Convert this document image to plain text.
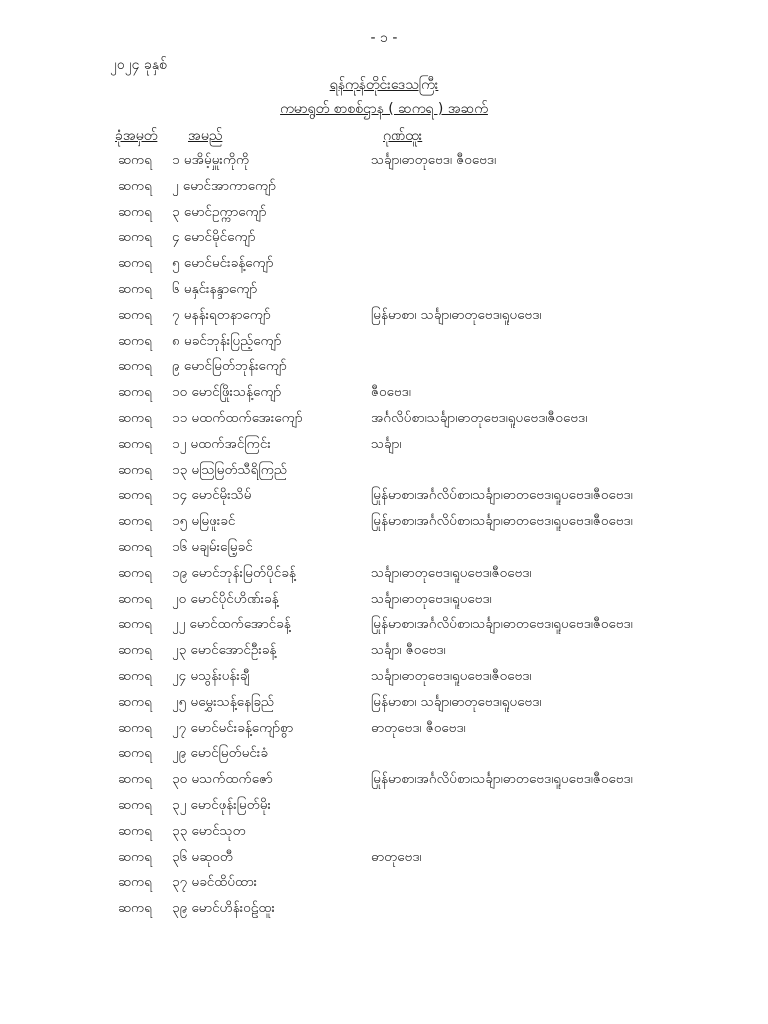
- ၁ -
၂၀၂၄ ခုနှစ်
ရန်ကုန်တိုင်းဒေသကြီး
ကမာရွတ် စာစစ်ဌာန ( ဆကရ ) အဆက်
ခုံအမှတ် အမည်	ဂုဏ်ထူး
ဆကရ ၁ မအိမ့်မှူးကိုကို	သင်္ချာ၊ဓာတုဗေဒ၊ ဇီဝဗေဒ၊
ဆကရ ၂ မောင်အာကာကျော်
ဆကရ ၃ မောင်ဥက္ကာကျော်
ဆကရ ၄ မောင်မိုင်ကျော်
ဆကရ ၅ မောင်မင်းခန့်ကျော်
ဆကရ ၆ မနှင်းနန္ဒာကျော်
ဆကရ ၇ မနန်းရတနာကျော်	မြန်မာစာ၊ သင်္ချာ၊ဓာတုဗေဒ၊ရူပဗေဒ၊
ဆကရ ၈ မခင်ဘုန်းပြည့်ကျော်
ဆကရ ၉ မောင်မြတ်ဘုန်းကျော်
ဆကရ ၁၀ မောင်ဖြိုးသန့်ကျော်	ဇီဝဗေဒ၊
ဆကရ ၁၁ မထက်ထက်အေးကျော်	အင်္ဂလိပ်စာ၊သင်္ချာ၊ဓာတုဗေဒ၊ရူပဗေဒ၊ဇီဝဗေဒ၊
ဆကရ ၁၂ မထက်အင်ကြင်း	သင်္ချာ၊
ဆကရ ၁၃ မသြမြတ်သီရိကြည်
ဆကရ ၁၄ မောင်မိုးသိမ်	မြန်မာစာ၊အင်္ဂလိပ်စာ၊သင်္ချာ၊ဓာတုဗေဒ၊ရူပဗေဒ၊ဇီဝဗေဒ၊
ဆကရ ၁၅ မမြဖူးခင်	မြန်မာစာ၊အင်္ဂလိပ်စာ၊သင်္ချာ၊ဓာတုဗေဒ၊ရူပဗေဒ၊ဇီဝဗေဒ၊
ဆကရ ၁၆ မချမ်းမြေ့ခင်
ဆကရ ၁၉ မောင်ဘုန်းမြတ်ပိုင်ခန့်	သင်္ချာ၊ဓာတုဗေဒ၊ရူပဗေဒ၊ဇီဝဗေဒ၊
ဆကရ ၂၀ မောင်ပိုင်ဟိဏ်းခန့်	သင်္ချာ၊ဓာတုဗေဒ၊ရူပဗေဒ၊
ဆကရ ၂၂ မောင်ထက်အောင်ခန့်	မြန်မာစာ၊အင်္ဂလိပ်စာ၊သင်္ချာ၊ဓာတုဗေဒ၊ရူပဗေဒ၊ဇီဝဗေဒ၊
ဆကရ ၂၃ မောင်အောင်ဦးခန့်	သင်္ချာ၊ ဇီဝဗေဒ၊
ဆကရ ၂၄ မသွန်းပန်းချီ	သင်္ချာ၊ဓာတုဗေဒ၊ရူပဗေဒ၊ဇီဝဗေဒ၊
ဆကရ ၂၅ မမွှေးသန့်နေခြည်	မြန်မာစာ၊ သင်္ချာ၊ဓာတုဗေဒ၊ရူပဗေဒ၊
ဆကရ ၂၇ မောင်မင်းခန့်ကျော်စွာ	ဓာတုဗေဒ၊ ဇီဝဗေဒ၊
ဆကရ ၂၉ မောင်မြတ်မင်းခံ
ဆကရ ၃၀ မသက်ထက်ဇော်	မြန်မာစာ၊အင်္ဂလိပ်စာ၊သင်္ချာ၊ဓာတုဗေဒ၊ရူပဗေဒ၊ဇီဝဗေဒ၊
ဆကရ ၃၂ မောင်ဖုန်းမြတ်မိုး
ဆကရ ၃၃ မောင်သုတ
ဆကရ ၃၆ မဆုဝတီ	ဓာတုဗေဒ၊
ဆကရ ၃၇ မခင်ထိပ်ထား
ဆကရ ၃၉ မောင်ဟိန်းဝဠ်ထူး
